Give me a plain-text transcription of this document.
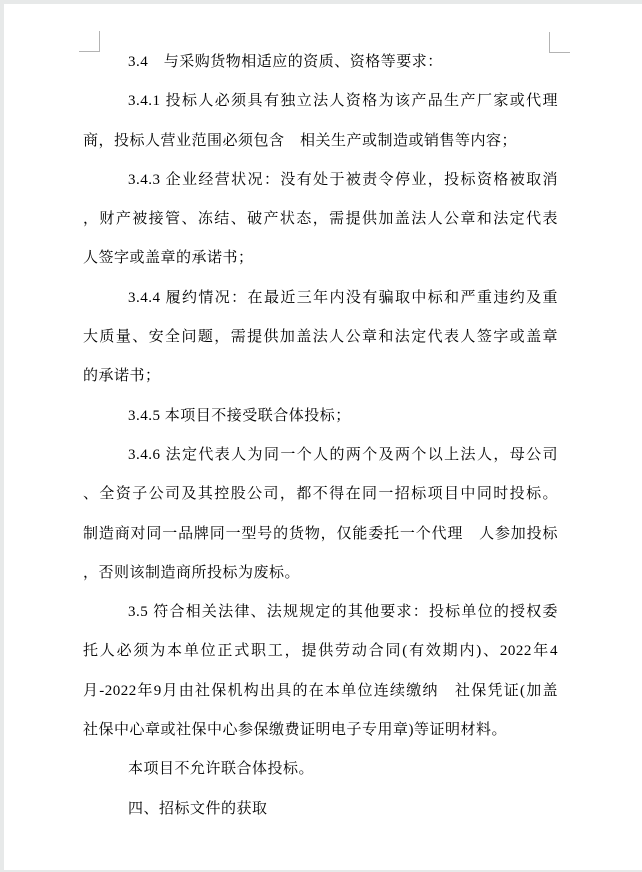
3.4　与采购货物相适应的资质、资格等要求：
3.4.1 投标人必须具有独立法人资格为该产品生产厂家或代理
商，投标人营业范围必须包含　相关生产或制造或销售等内容；
3.4.3 企业经营状况：没有处于被责令停业，投标资格被取消
，财产被接管、冻结、破产状态，需提供加盖法人公章和法定代表
人签字或盖章的承诺书；
3.4.4 履约情况：在最近三年内没有骗取中标和严重违约及重
大质量、安全问题，需提供加盖法人公章和法定代表人签字或盖章
的承诺书；
3.4.5 本项目不接受联合体投标；
3.4.6 法定代表人为同一个人的两个及两个以上法人，母公司
、全资子公司及其控股公司，都不得在同一招标项目中同时投标。
制造商对同一品牌同一型号的货物，仅能委托一个代理　人参加投标
，否则该制造商所投标为废标。
3.5 符合相关法律、法规规定的其他要求：投标单位的授权委
托人必须为本单位正式职工，提供劳动合同(有效期内)、2022年4
月-2022年9月由社保机构出具的在本单位连续缴纳　社保凭证(加盖
社保中心章或社保中心参保缴费证明电子专用章)等证明材料。
本项目不允许联合体投标。
四、招标文件的获取
